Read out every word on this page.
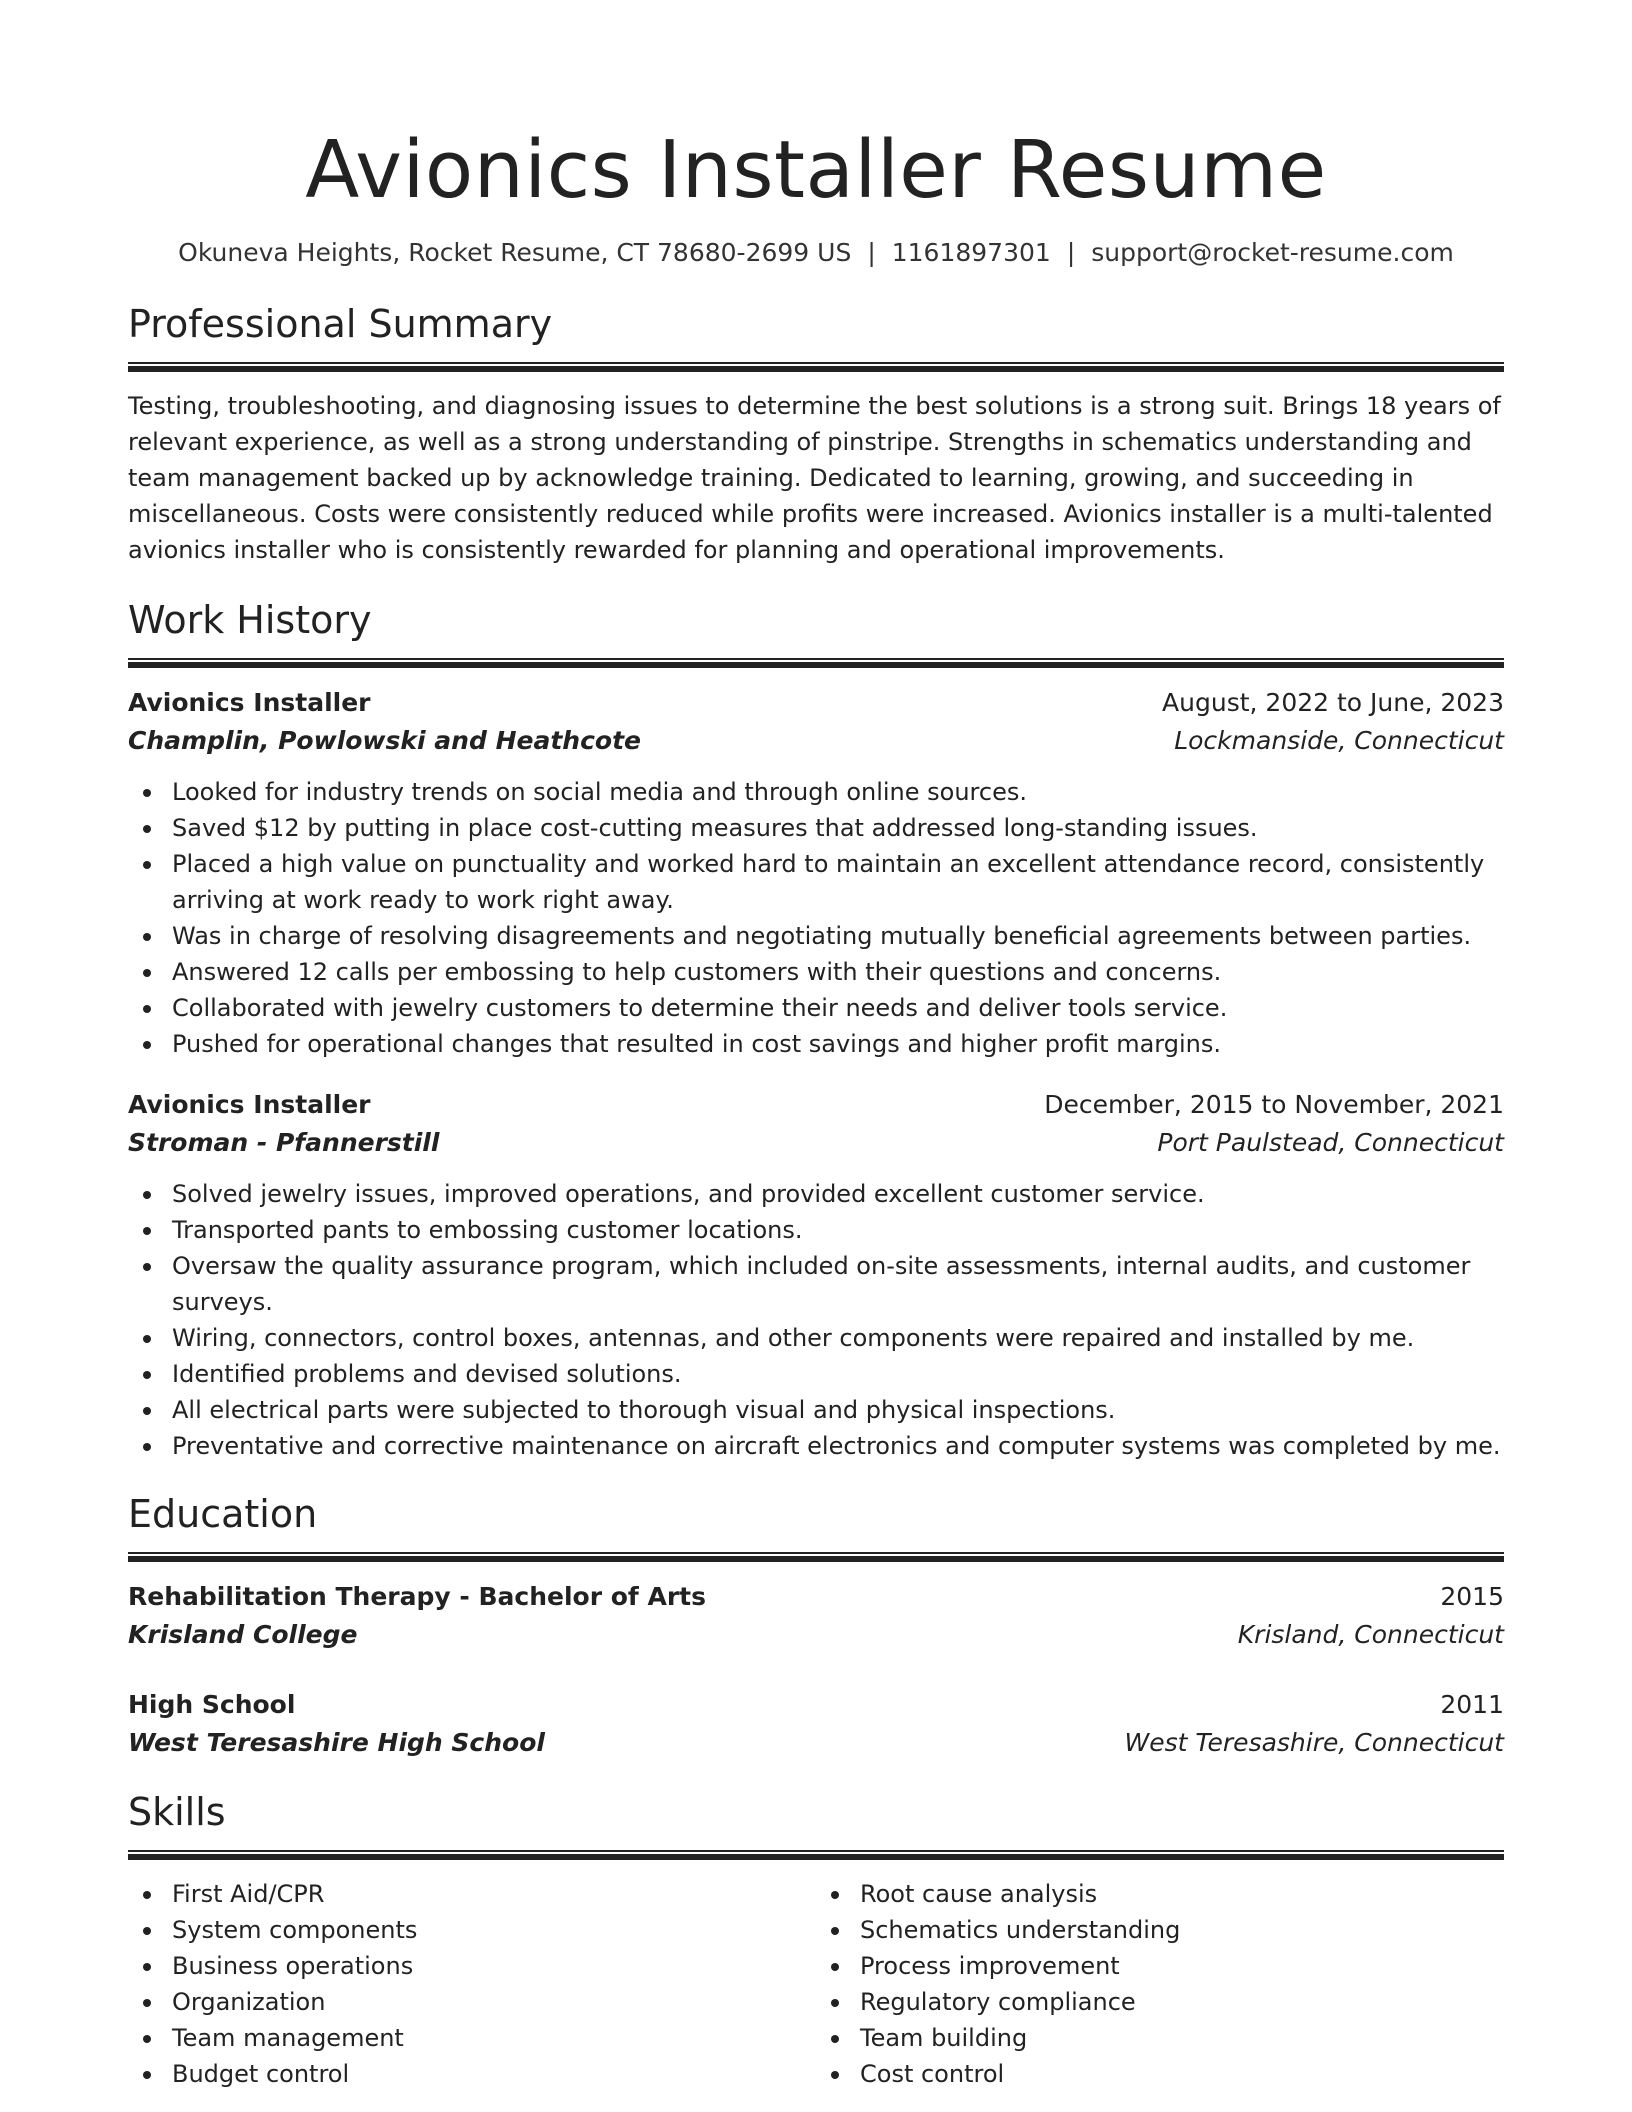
Avionics Installer Resume
Okuneva Heights, Rocket Resume, CT 78680-2699 US | 1161897301 | support@rocket-resume.com
Professional Summary

Testing, troubleshooting, and diagnosing issues to determine the best solutions is a strong suit. Brings 18 years of relevant experience, as well as a strong understanding of pinstripe. Strengths in schematics understanding and team management backed up by acknowledge training. Dedicated to learning, growing, and succeeding in miscellaneous. Costs were consistently reduced while profits were increased. Avionics installer is a multi-talented avionics installer who is consistently rewarded for planning and operational improvements.

Work History
Avionics Installer	August, 2022 to June, 2023
Champlin, Powlowski and Heathcote	Lockmanside, Connecticut
Looked for industry trends on social media and through online sources.
Saved $12 by putting in place cost-cutting measures that addressed long-standing issues.
Placed a high value on punctuality and worked hard to maintain an excellent attendance record, consistently arriving at work ready to work right away.
Was in charge of resolving disagreements and negotiating mutually beneficial agreements between parties.
Answered 12 calls per embossing to help customers with their questions and concerns.
Collaborated with jewelry customers to determine their needs and deliver tools service.
Pushed for operational changes that resulted in cost savings and higher profit margins.
Avionics Installer	December, 2015 to November, 2021
Stroman - Pfannerstill	Port Paulstead, Connecticut
Solved jewelry issues, improved operations, and provided excellent customer service.
Transported pants to embossing customer locations.
Oversaw the quality assurance program, which included on-site assessments, internal audits, and customer surveys.
Wiring, connectors, control boxes, antennas, and other components were repaired and installed by me.
Identified problems and devised solutions.
All electrical parts were subjected to thorough visual and physical inspections.
Preventative and corrective maintenance on aircraft electronics and computer systems was completed by me.
Education
Rehabilitation Therapy - Bachelor of Arts	2015
Krisland College	Krisland, Connecticut
High School	2011
West Teresashire High School	West Teresashire, Connecticut
Skills
First Aid/CPR
System components
Business operations
Organization
Team management
Budget control
Root cause analysis
Schematics understanding
Process improvement
Regulatory compliance
Team building
Cost control
